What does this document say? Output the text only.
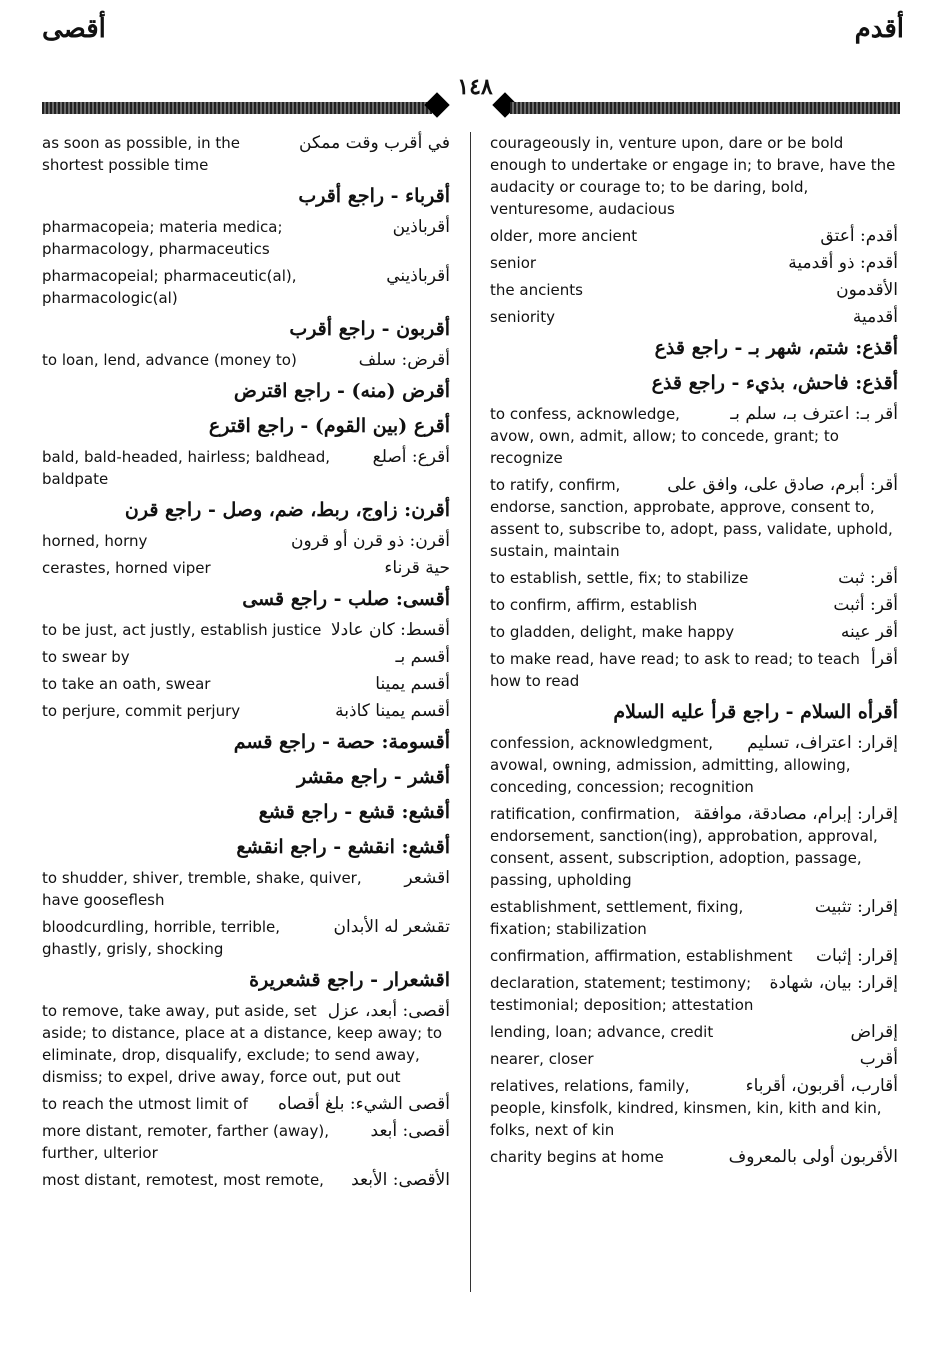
أقصى
١٤٨
أقدم

في أقرب وقت ممكن
as soon as possible, in the shortest possible time

أقرباء - راجع أقرب

أقرباذين
pharmacopeia; materia medica; pharmacology, pharmaceutics

أقرباذيني
pharmacopeial; pharmaceutic(al), pharmacologic(al)

أقربون - راجع أقرب

أقرض: سلف
to loan, lend, advance (money to)

أقرض (منه) - راجع اقترض

أقرع (بين القوم) - راجع اقترع

أقرع: أصلع
bald, bald-headed, hairless; baldhead, baldpate

أقرن: زاوج، ربط، ضم، وصل - راجع قرن

أقرن: ذو قرن أو قرون
horned, horny

حية قرناء
cerastes, horned viper

أقسى: صلب - راجع قسى

أقسط: كان عادلا
to be just, act justly, establish justice

أقسم بـ
to swear by

أقسم يمينا
to take an oath, swear

أقسم يمينا كاذبة
to perjure, commit perjury

أقسومة: حصة - راجع قسم

أقشر - راجع مقشر

أقشع: قشع - راجع قشع

أقشع: انقشع - راجع انقشع

اقشعر
to shudder, shiver, tremble, shake, quiver, have gooseflesh

تقشعر له الأبدان
bloodcurdling, horrible, terrible, ghastly, grisly, shocking

اقشعرار - راجع قشعريرة

أقصى: أبعد، عزل
to remove, take away, put aside, set aside; to distance, place at a distance, keep away; to eliminate, drop, disqualify, exclude; to send away, dismiss; to expel, drive away, force out, put out

أقصى الشيء: بلغ أقصاه
to reach the utmost limit of

أقصى: أبعد
more distant, remoter, farther (away), further, ulterior

الأقصى: الأبعد
most distant, remotest, most remote,

courageously in, venture upon, dare or be bold enough to undertake or engage in; to brave, have the audacity or courage to; to be daring, bold, venturesome, audacious

أقدم: أعتق
older, more ancient

أقدم: ذو أقدمية
senior

الأقدمون
the ancients

أقدمية
seniority

أقذع: شتم، شهر بـ - راجع قذع

أقذع: فاحش، بذيء - راجع قذع

أقر بـ: اعترف بـ، سلم بـ
to confess, acknowledge, avow, own, admit, allow; to concede, grant; to recognize

أقر: أبرم، صادق على، وافق على
to ratify, confirm, endorse, sanction, approbate, approve, consent to, assent to, subscribe to, adopt, pass, validate, uphold, sustain, maintain

أقر: ثبت
to establish, settle, fix; to stabilize

أقر: أثبت
to confirm, affirm, establish

أقر عينه
to gladden, delight, make happy

أقرأ
to make read, have read; to ask to read; to teach how to read

أقرأه السلام - راجع قرأ عليه السلام

إقرار: اعتراف، تسليم
confession, acknowledgment, avowal, owning, admission, admitting, allowing, conceding, concession; recognition

إقرار: إبرام، مصادقة، موافقة
ratification, confirmation, endorsement, sanction(ing), approbation, approval, consent, assent, subscription, adoption, passage, passing, upholding

إقرار: تثبيت
establishment, settlement, fixing, fixation; stabilization

إقرار: إثبات
confirmation, affirmation, establishment

إقرار: بيان، شهادة
declaration, statement; testimony; testimonial; deposition; attestation

إقراض
lending, loan; advance, credit

أقرب
nearer, closer

أقارب، أقربون، أقرباء
relatives, relations, family, people, kinsfolk, kindred, kinsmen, kin, kith and kin, folks, next of kin

الأقربون أولى بالمعروف
charity begins at home
